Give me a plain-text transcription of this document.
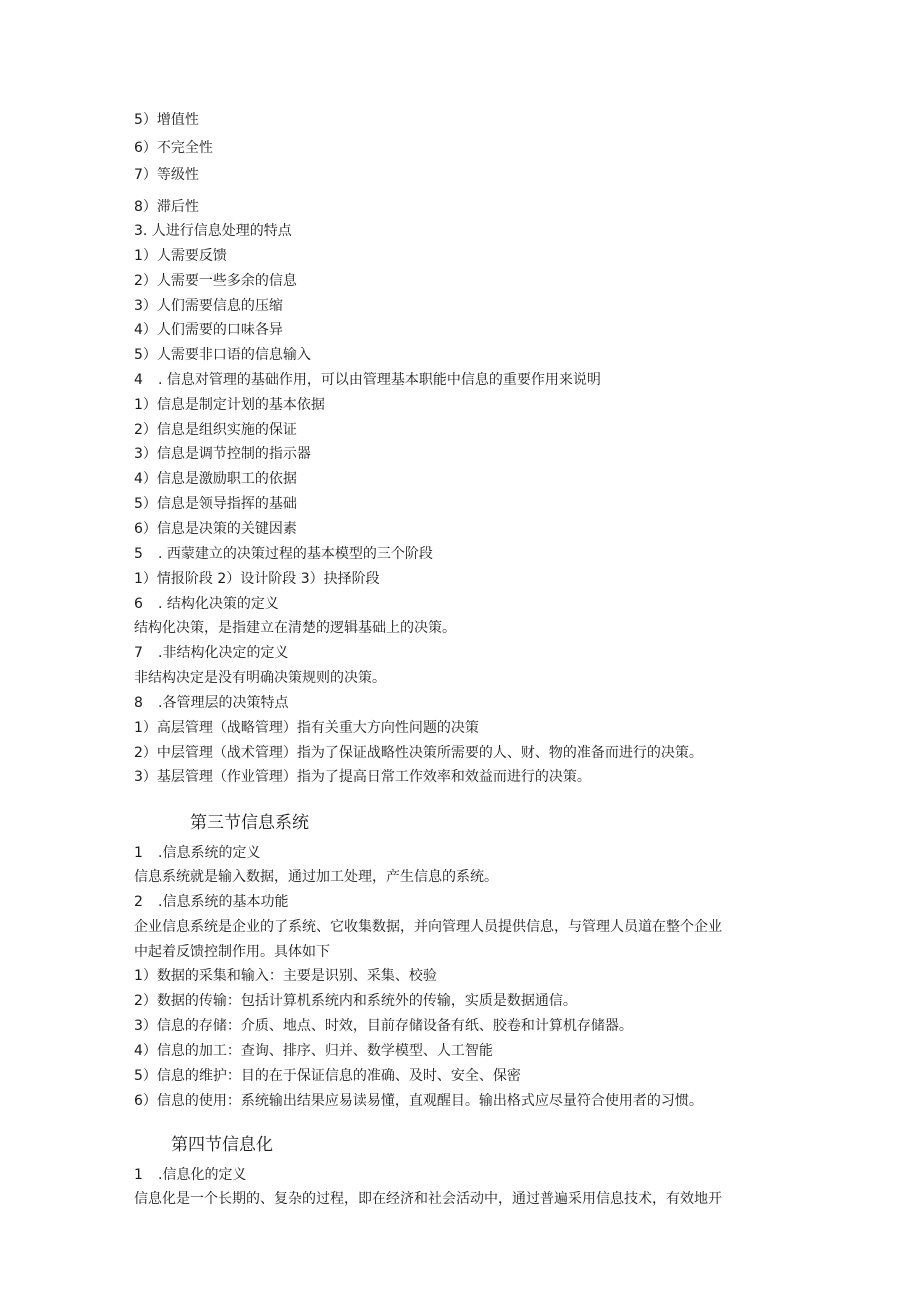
5）增值性
6）不完全性
7）等级性
8）滞后性
3. 人进行信息处理的特点
1）人需要反馈
2）人需要一些多余的信息
3）人们需要信息的压缩
4）人们需要的口味各异
5）人需要非口语的信息输入
4 . 信息对管理的基础作用，可以由管理基本职能中信息的重要作用来说明
1）信息是制定计划的基本依据
2）信息是组织实施的保证
3）信息是调节控制的指示器
4）信息是激励职工的依据
5）信息是领导指挥的基础
6）信息是决策的关键因素
5 . 西蒙建立的决策过程的基本模型的三个阶段
1）情报阶段 2）设计阶段 3）抉择阶段
6 . 结构化决策的定义
结构化决策，是指建立在清楚的逻辑基础上的决策。
7 .非结构化决定的定义
非结构决定是没有明确决策规则的决策。
8 .各管理层的决策特点
1）高层管理（战略管理）指有关重大方向性问题的决策
2）中层管理（战术管理）指为了保证战略性决策所需要的人、财、物的准备而进行的决策。
3）基层管理（作业管理）指为了提高日常工作效率和效益而进行的决策。
第三节信息系统
1 .信息系统的定义
信息系统就是输入数据，通过加工处理，产生信息的系统。
2 .信息系统的基本功能
企业信息系统是企业的了系统、它收集数据，并向管理人员提供信息，与管理人员道在整个企业
中起着反馈控制作用。具体如下
1）数据的采集和输入：主要是识别、采集、校验
2）数据的传输：包括计算机系统内和系统外的传输，实质是数据通信。
3）信息的存储：介质、地点、时效，目前存储设备有纸、胶卷和计算机存储器。
4）信息的加工：查询、排序、归并、数学模型、人工智能
5）信息的维护：目的在于保证信息的准确、及时、安全、保密
6）信息的使用：系统输出结果应易读易懂，直观醒目。输出格式应尽量符合使用者的习惯。
第四节信息化
1 .信息化的定义
信息化是一个长期的、复杂的过程，即在经济和社会活动中，通过普遍采用信息技术，有效地开
